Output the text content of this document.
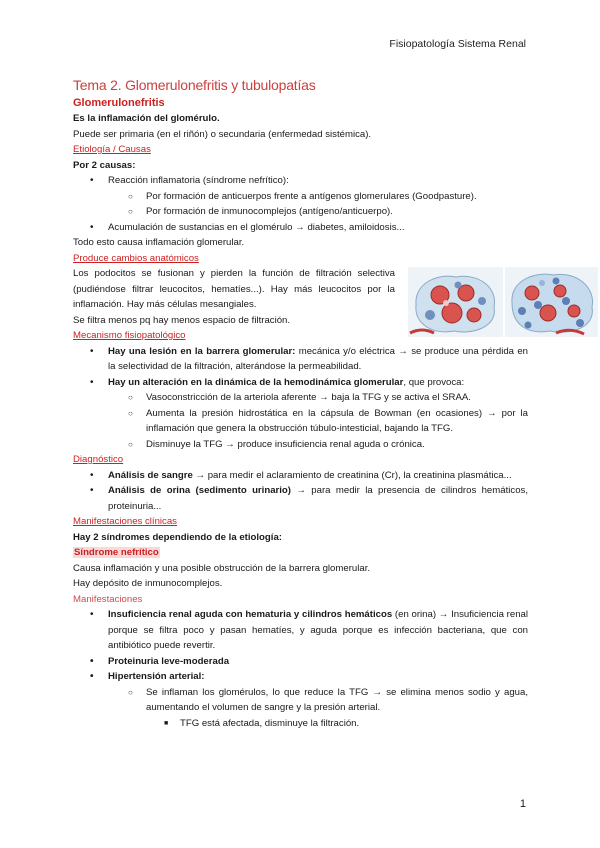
Fisiopatología Sistema Renal
Tema 2. Glomerulonefritis y tubulopatías
Glomerulonefritis

Es la inflamación del glomérulo.

Puede ser primaria (en el riñón) o secundaria (enfermedad sistémica).

Etiología / Causas

Por 2 causas:

• Reacción inflamatoria (síndrome nefrítico):
○ Por formación de anticuerpos frente a antígenos glomerulares (Goodpasture).
○ Por formación de inmunocomplejos (antígeno/anticuerpo).
• Acumulación de sustancias en el glomérulo → diabetes, amiloidosis...

Todo esto causa inflamación glomerular.

Produce cambios anatómicos

Los podocitos se fusionan y pierden la función de filtración selectiva (pudiéndose filtrar leucocitos, hematíes...). Hay más leucocitos por la inflamación. Hay más células mesangiales.

Se filtra menos pq hay menos espacio de filtración.

Mecanismo fisiopatológico
• Hay una lesión en la barrera glomerular: mecánica y/o eléctrica → se produce una pérdida en la selectividad de la filtración, alterándose la permeabilidad.
• Hay un alteración en la dinámica de la hemodinámica glomerular, que provoca:
○ Vasoconstricción de la arteriola aferente → baja la TFG y se activa el SRAA.
○ Aumenta la presión hidrostática en la cápsula de Bowman (en ocasiones) → por la inflamación que genera la obstrucción túbulo-intesticial, bajando la TFG.
○ Disminuye la TFG → produce insuficiencia renal aguda o crónica.
Diagnóstico
• Análisis de sangre → para medir el aclaramiento de creatinina (Cr), la creatinina plasmática...
• Análisis de orina (sedimento urinario) → para medir la presencia de cilindros hemáticos, proteinuria...
Manifestaciones clínicas

Hay 2 síndromes dependiendo de la etiología:

Síndrome nefrítico

Causa inflamación y una posible obstrucción de la barrera glomerular.

Hay depósito de inmunocomplejos.

Manifestaciones
• Insuficiencia renal aguda con hematuria y cilindros hemáticos (en orina) → Insuficiencia renal porque se filtra poco y pasan hematíes, y aguda porque es infección bacteriana, que con antibiótico puede revertir.
• Proteinuria leve-moderada
• Hipertensión arterial:
○ Se inflaman los glomérulos, lo que reduce la TFG → se elimina menos sodio y agua, aumentando el volumen de sangre y la presión arterial.
■ TFG está afectada, disminuye la filtración.
1
